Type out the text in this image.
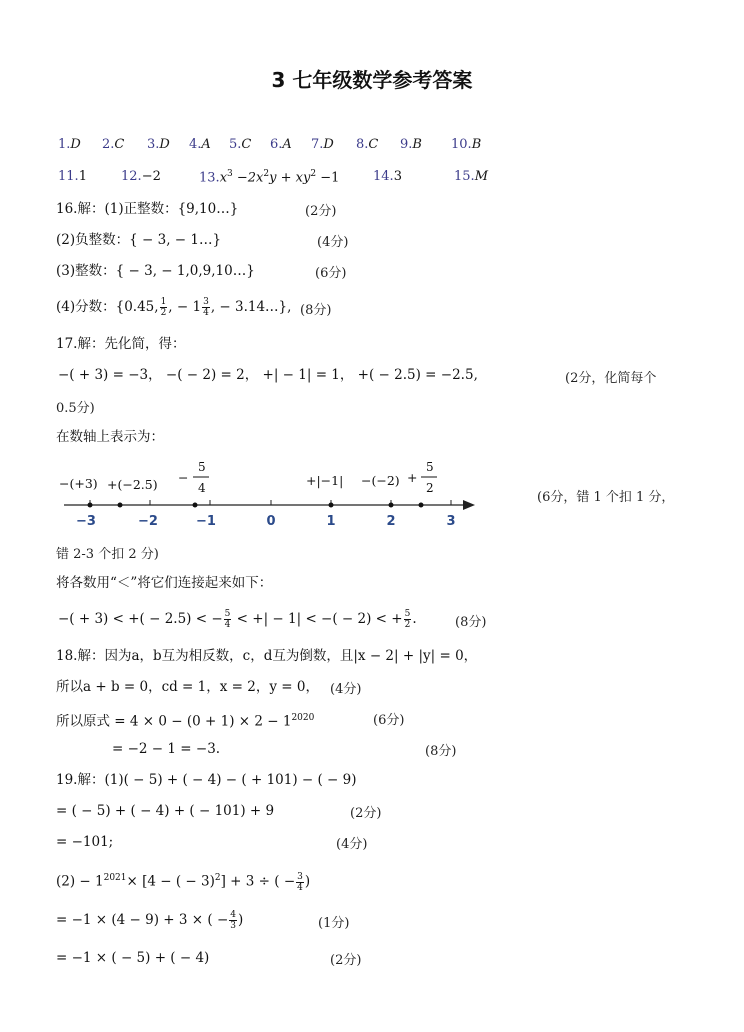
3 七年级数学参考答案
1.D 2.C 3.D 4.A 5.C 6.A 7.D 8.C 9.B 10.B
11.1	12.−2	$13.x^3 -2x^2y + xy^2 -1$	14.3	15.M
16.解：(1)正整数：{9,10…}	(2分)
(2)负整数：{ − 3, − 1…}	(4分)
(3)整数：{ − 3, − 1,0,9,10…}	(6分)
(4)分数：{0.45, $\frac{1}{2}$ , − $1 \frac{3}{4}$ , − 3.14…}, (8分)
17.解：先化简，得：
−( + 3) = −3， −( − 2) = 2， +| − 1| = 1， +( − 2.5) = −2.5,	(2分，化简每个
0.5分)
在数轴上表示为：
−3	−2	−1	0	1	2	3
−(+3) +(−2.5) −
5
4	+|−1| −(−2) +
5
2
(6分，错 1 个扣 1 分，
错 2-3 个扣 2 分)
将各数用“＜”将它们连接起来如下：
−( + 3) < +( − 2.5) < − $\frac{5}{4}$ < +| − 1| < −( − 2) < + $\frac{5}{2}$ .	(8分)
18.解：因为a，b互为相反数，c，d互为倒数，且|x − 2| + |y| = 0，
所以a + b = 0，cd = 1，x = 2，y = 0， (4分)
所以原式 = $4 \times 0 - (0 + 1) \times 2 - 1^{2020}$	(6分)
= −2 − 1 = −3.	(8分)
19.解：(1)( − 5) + ( − 4) − ( + 101) − ( − 9)
= ( − 5) + ( − 4) + ( − 101) + 9	(2分)
= −101;	(4分)
$(2) - 1^{2021}\times [4$ − ( − 3)$^2$] + 3 ÷ ( − $\frac{3}{4}$ )
= −1 × (4 − 9) + 3 × ( − $\frac{4}{3}$ )	(1分)
= −1 × ( − 5) + ( − 4)	(2分)
